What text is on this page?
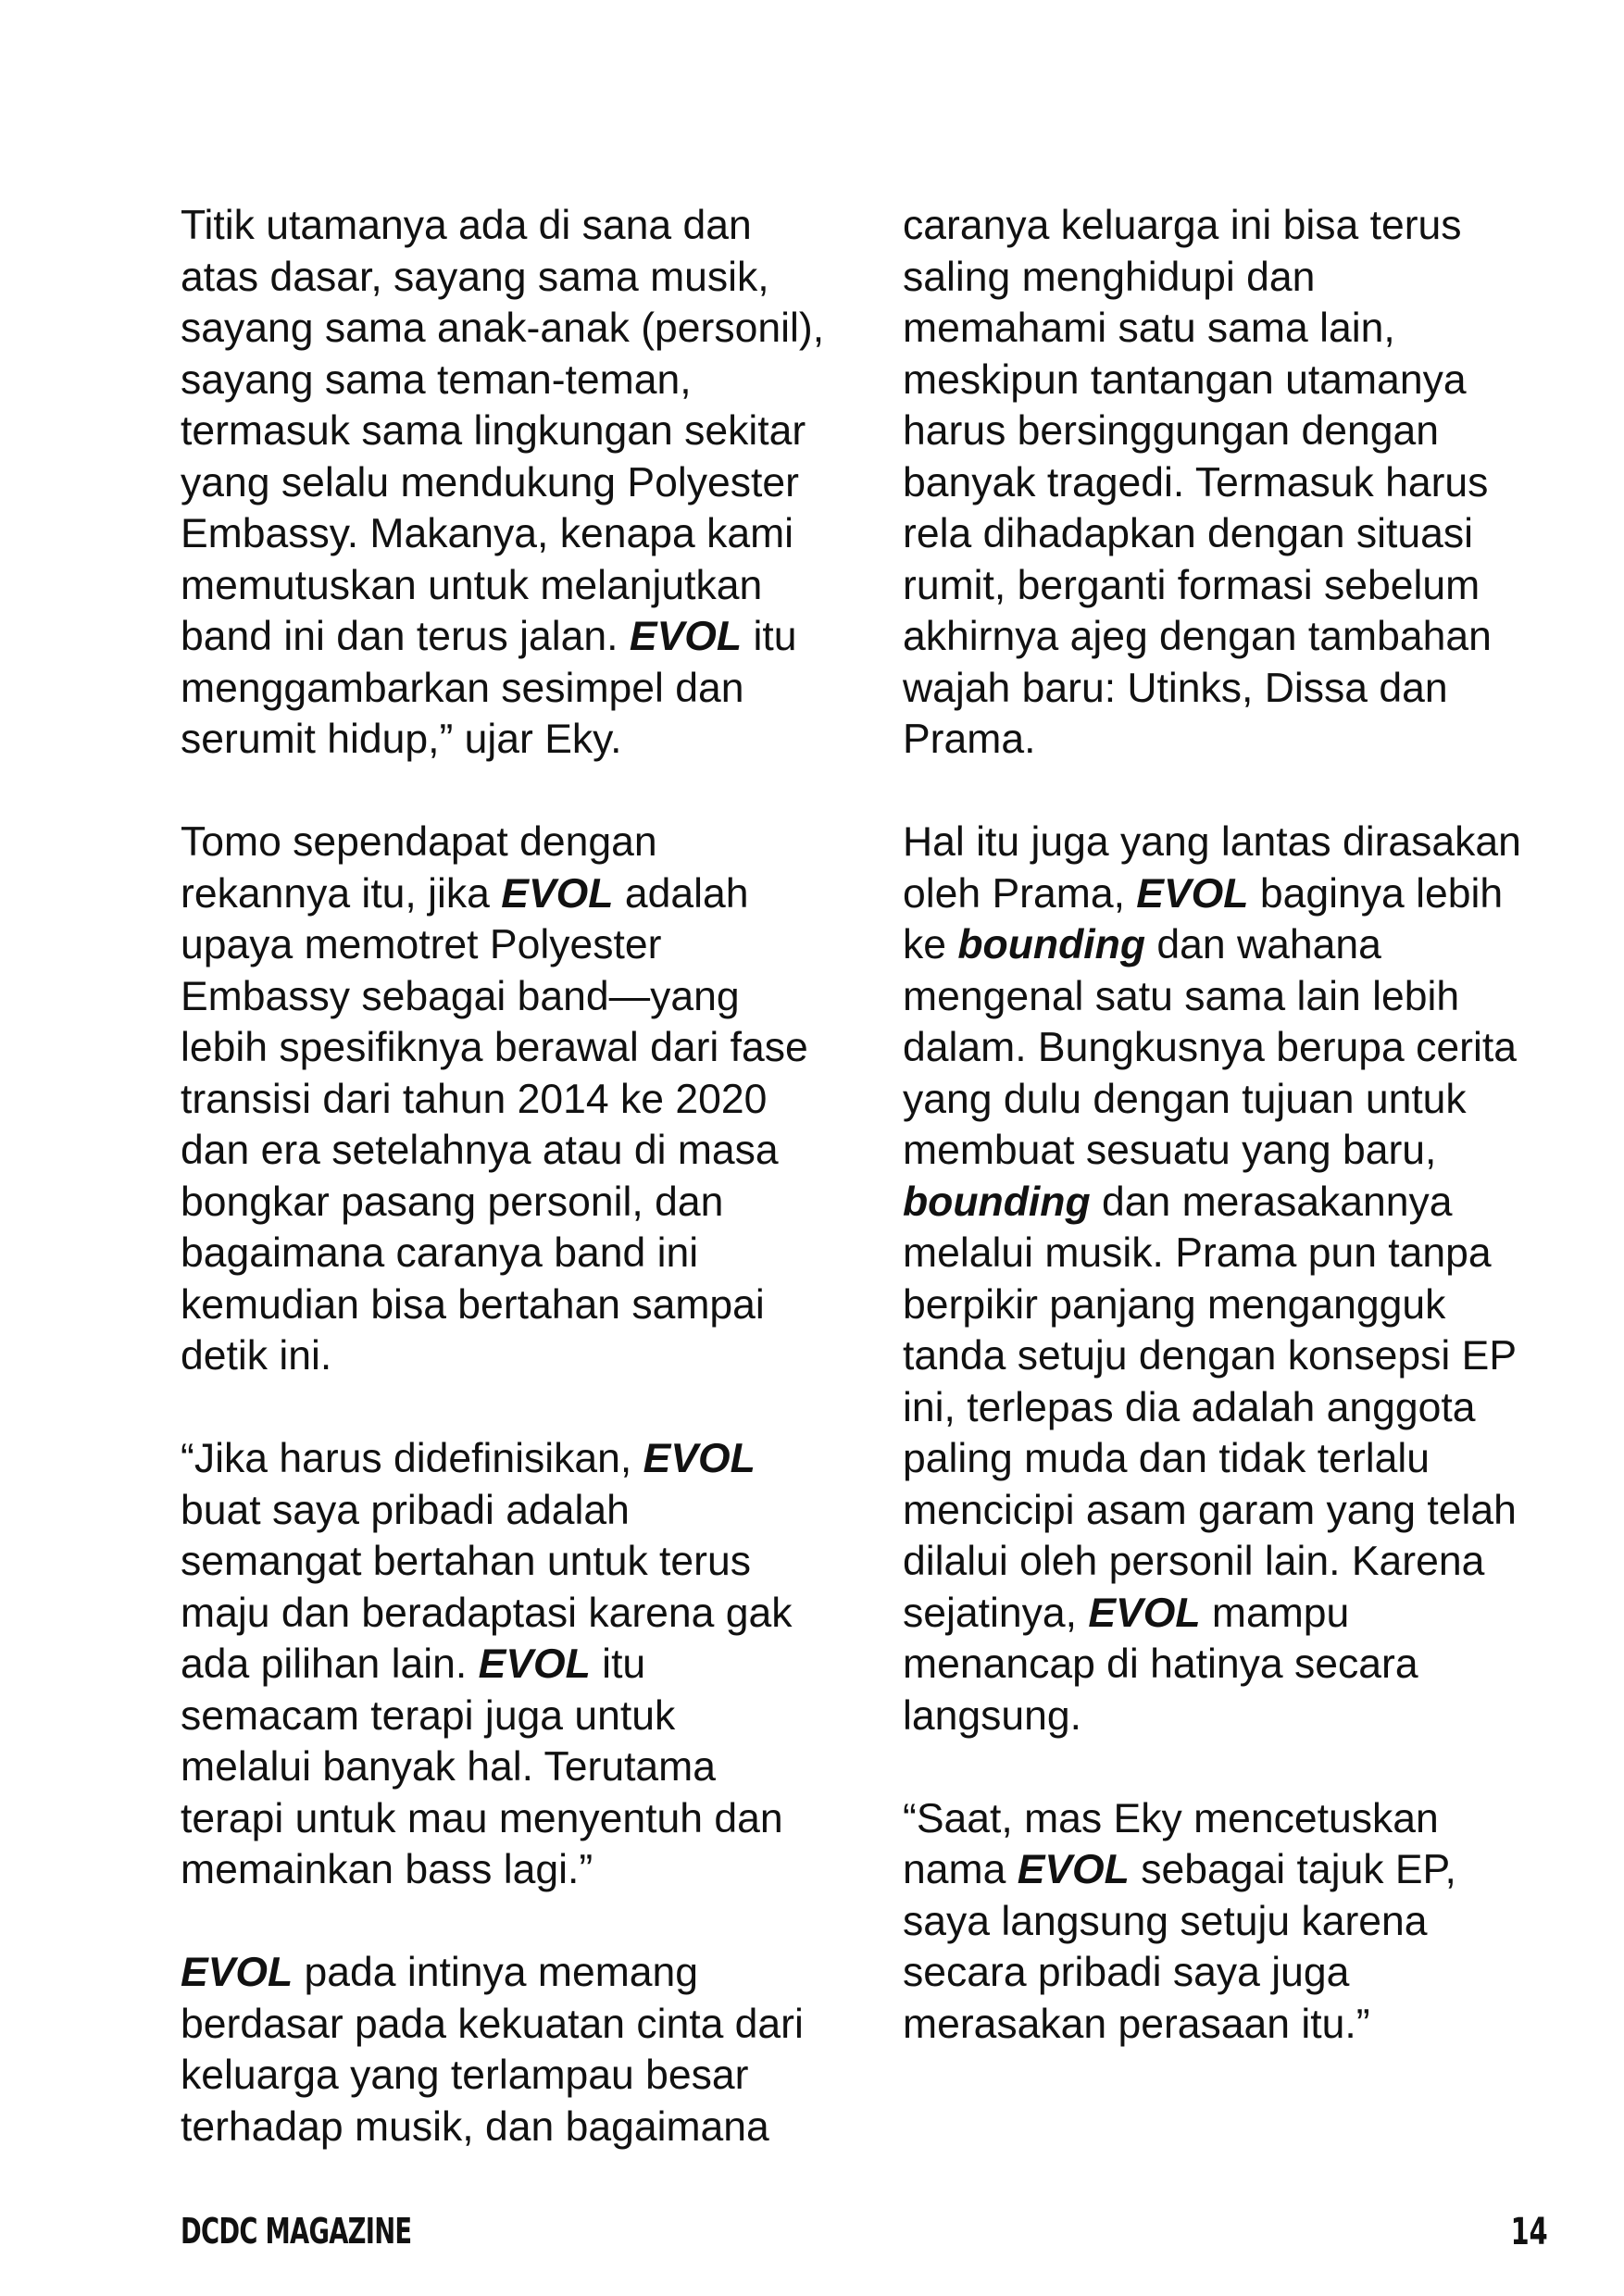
Titik utamanya ada di sana dan
atas dasar, sayang sama musik,
sayang sama anak-anak (personil),
sayang sama teman-teman,
termasuk sama lingkungan sekitar
yang selalu mendukung Polyester
Embassy. Makanya, kenapa kami
memutuskan untuk melanjutkan
band ini dan terus jalan. EVOL itu
menggambarkan sesimpel dan
serumit hidup,” ujar Eky.
Tomo sependapat dengan
rekannya itu, jika EVOL adalah
upaya memotret Polyester
Embassy sebagai band—yang
lebih spesifiknya berawal dari fase
transisi dari tahun 2014 ke 2020
dan era setelahnya atau di masa
bongkar pasang personil, dan
bagaimana caranya band ini
kemudian bisa bertahan sampai
detik ini.
“Jika harus didefinisikan, EVOL
buat saya pribadi adalah
semangat bertahan untuk terus
maju dan beradaptasi karena gak
ada pilihan lain. EVOL itu
semacam terapi juga untuk
melalui banyak hal. Terutama
terapi untuk mau menyentuh dan
memainkan bass lagi.”
EVOL pada intinya memang
berdasar pada kekuatan cinta dari
keluarga yang terlampau besar
terhadap musik, dan bagaimana
caranya keluarga ini bisa terus
saling menghidupi dan
memahami satu sama lain,
meskipun tantangan utamanya
harus bersinggungan dengan
banyak tragedi. Termasuk harus
rela dihadapkan dengan situasi
rumit, berganti formasi sebelum
akhirnya ajeg dengan tambahan
wajah baru: Utinks, Dissa dan
Prama.
Hal itu juga yang lantas dirasakan
oleh Prama, EVOL baginya lebih
ke bounding dan wahana
mengenal satu sama lain lebih
dalam. Bungkusnya berupa cerita
yang dulu dengan tujuan untuk
membuat sesuatu yang baru,
bounding dan merasakannya
melalui musik. Prama pun tanpa
berpikir panjang mengangguk
tanda setuju dengan konsepsi EP
ini, terlepas dia adalah anggota
paling muda dan tidak terlalu
mencicipi asam garam yang telah
dilalui oleh personil lain. Karena
sejatinya, EVOL mampu
menancap di hatinya secara
langsung.
“Saat, mas Eky mencetuskan
nama EVOL sebagai tajuk EP,
saya langsung setuju karena
secara pribadi saya juga
merasakan perasaan itu.”
DCDC MAGAZINE	14
